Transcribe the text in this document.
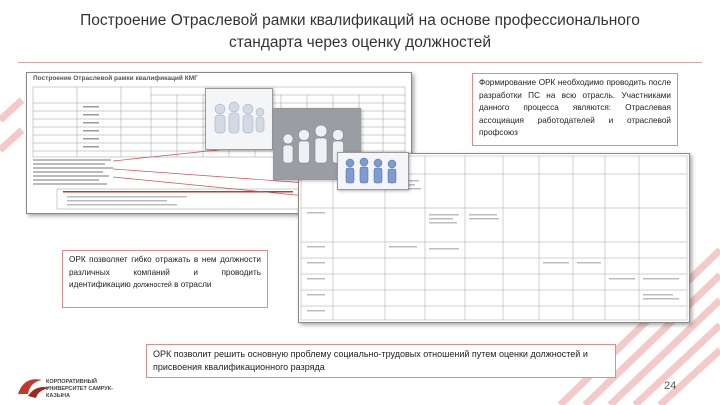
Построение Отраслевой рамки квалификаций на основе профессионального
стандарта через оценку должностей
Построение Отраслевой рамки квалификаций КМГ	Формирование ОРК необходимо проводить после разработки ПС на всю отрасль. Участниками данного процесса являются: Отраслевая ассоциация работодателей и отраслевой профсоюз
ОРК позволяет гибко отражать в нем должности различных компаний и проводить идентификацию должностей в отрасли
ОРК позволит решить основную проблему социально-трудовых отношений путем оценки должностей и присвоения квалификационного разряда
КОРПОРАТИВНЫЙ УНИВЕРСИТЕТ САМРУК-КАЗЫНА
24
